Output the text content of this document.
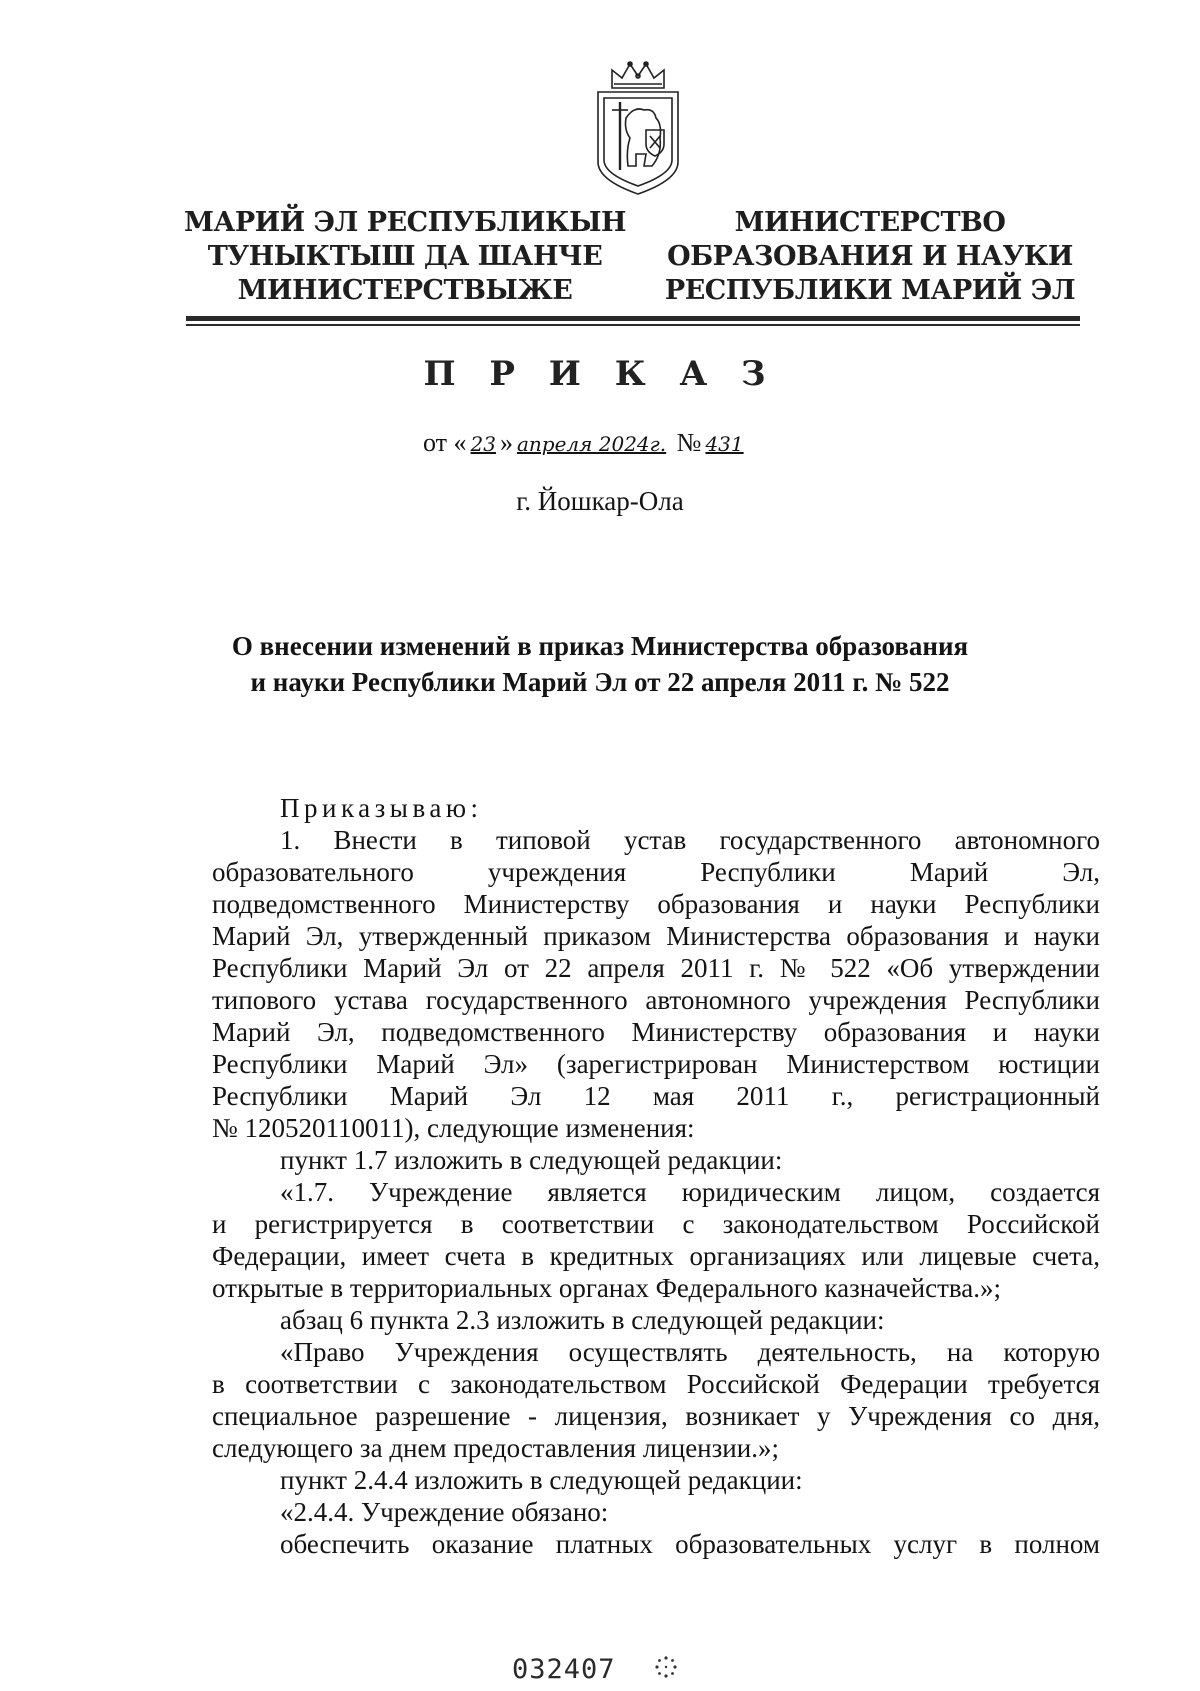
МАРИЙ ЭЛ РЕСПУБЛИКЫН
ТУНЫКТЫШ ДА ШАНЧЕ
МИНИСТЕРСТВЫЖЕ
МИНИСТЕРСТВО
ОБРАЗОВАНИЯ И НАУКИ
РЕСПУБЛИКИ МАРИЙ ЭЛ
П Р И К А З
от « 23 » апреля 2024г. № 431
г. Йошкар-Ола
О внесении изменений в приказ Министерства образования
и науки Республики Марий Эл от 22 апреля 2011 г. № 522
Приказываю:
1. Внести в типовой устав государственного автономного
образовательного учреждения Республики Марий Эл,
подведомственного Министерству образования и науки Республики
Марий Эл, утвержденный приказом Министерства образования и науки
Республики Марий Эл от 22 апреля 2011 г. № 522 «Об утверждении
типового устава государственного автономного учреждения Республики
Марий Эл, подведомственного Министерству образования и науки
Республики Марий Эл» (зарегистрирован Министерством юстиции
Республики Марий Эл 12 мая 2011 г., регистрационный
№ 120520110011), следующие изменения:
пункт 1.7 изложить в следующей редакции:
«1.7. Учреждение является юридическим лицом, создается
и регистрируется в соответствии с законодательством Российской
Федерации, имеет счета в кредитных организациях или лицевые счета,
открытые в территориальных органах Федерального казначейства.»;
абзац 6 пункта 2.3 изложить в следующей редакции:
«Право Учреждения осуществлять деятельность, на которую
в соответствии с законодательством Российской Федерации требуется
специальное разрешение - лицензия, возникает у Учреждения со дня,
следующего за днем предоставления лицензии.»;
пункт 2.4.4 изложить в следующей редакции:
«2.4.4. Учреждение обязано:
обеспечить оказание платных образовательных услуг в полном
032407
